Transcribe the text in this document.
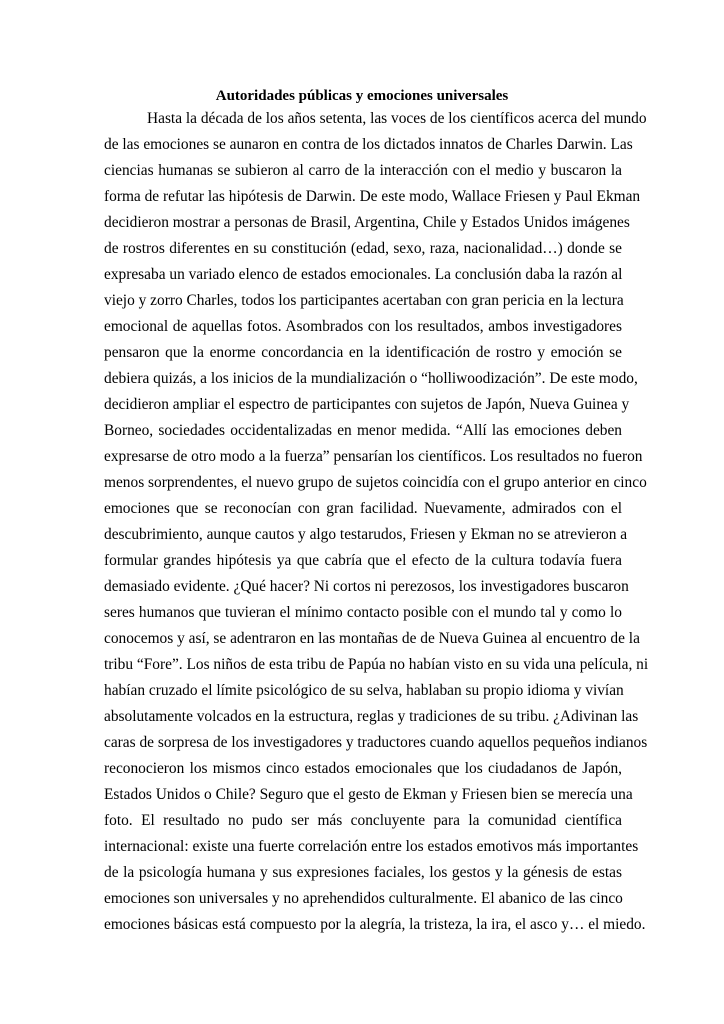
Autoridades públicas y emociones universales
Hasta la década de los años setenta, las voces de los científicos acerca del mundo
de las emociones se aunaron en contra de los dictados innatos de Charles Darwin. Las
ciencias humanas se subieron al carro de la interacción con el medio y buscaron la
forma de refutar las hipótesis de Darwin. De este modo, Wallace Friesen y Paul Ekman
decidieron mostrar a personas de Brasil, Argentina, Chile y Estados Unidos imágenes
de rostros diferentes en su constitución (edad, sexo, raza, nacionalidad…) donde se
expresaba un variado elenco de estados emocionales. La conclusión daba la razón al
viejo y zorro Charles, todos los participantes acertaban con gran pericia en la lectura
emocional de aquellas fotos. Asombrados con los resultados, ambos investigadores
pensaron que la enorme concordancia en la identificación de rostro y emoción se
debiera quizás, a los inicios de la mundialización o “holliwoodización”. De este modo,
decidieron ampliar el espectro de participantes con sujetos de Japón, Nueva Guinea y
Borneo, sociedades occidentalizadas en menor medida. “Allí las emociones deben
expresarse de otro modo a la fuerza” pensarían los científicos. Los resultados no fueron
menos sorprendentes, el nuevo grupo de sujetos coincidía con el grupo anterior en cinco
emociones que se reconocían con gran facilidad. Nuevamente, admirados con el
descubrimiento, aunque cautos y algo testarudos, Friesen y Ekman no se atrevieron a
formular grandes hipótesis ya que cabría que el efecto de la cultura todavía fuera
demasiado evidente. ¿Qué hacer? Ni cortos ni perezosos, los investigadores buscaron
seres humanos que tuvieran el mínimo contacto posible con el mundo tal y como lo
conocemos y así, se adentraron en las montañas de de Nueva Guinea al encuentro de la
tribu “Fore”. Los niños de esta tribu de Papúa no habían visto en su vida una película, ni
habían cruzado el límite psicológico de su selva, hablaban su propio idioma y vivían
absolutamente volcados en la estructura, reglas y tradiciones de su tribu. ¿Adivinan las
caras de sorpresa de los investigadores y traductores cuando aquellos pequeños indianos
reconocieron los mismos cinco estados emocionales que los ciudadanos de Japón,
Estados Unidos o Chile? Seguro que el gesto de Ekman y Friesen bien se merecía una
foto. El resultado no pudo ser más concluyente para la comunidad científica
internacional: existe una fuerte correlación entre los estados emotivos más importantes
de la psicología humana y sus expresiones faciales, los gestos y la génesis de estas
emociones son universales y no aprehendidos culturalmente. El abanico de las cinco
emociones básicas está compuesto por la alegría, la tristeza, la ira, el asco y… el miedo.
